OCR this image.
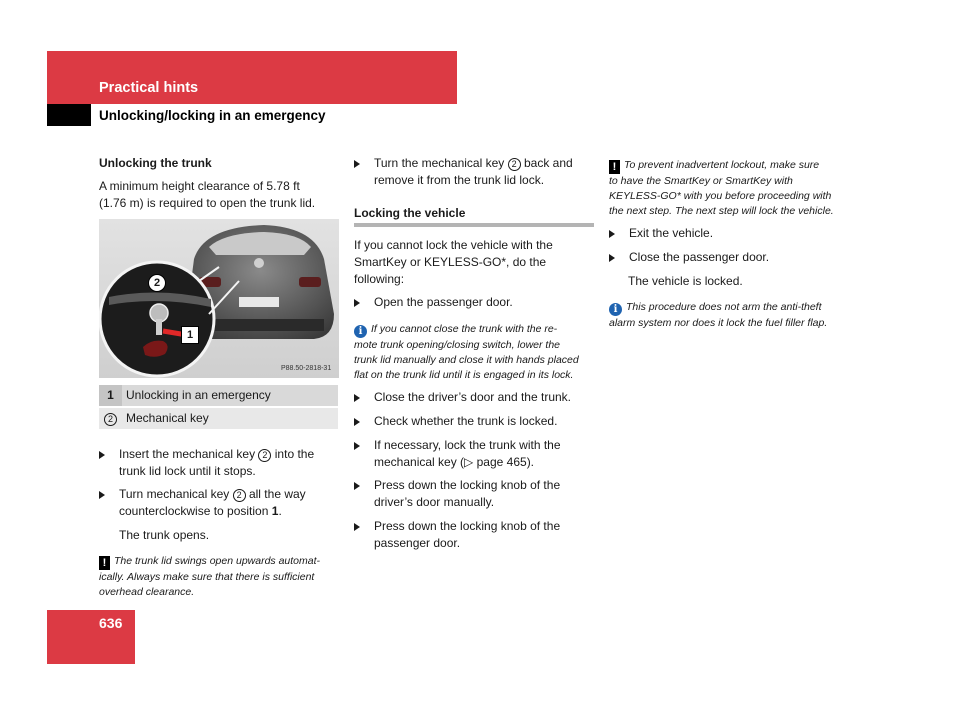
Practical hints
Unlocking/locking in an emergency
Unlocking the trunk
A minimum height clearance of 5.78 ft
(1.76 m) is required to open the trunk lid.
2
1
P88.50-2818-31
1	Unlocking in an emergency
2	Mechanical key
Insert the mechanical key 2 into the
trunk lid lock until it stops.
Turn mechanical key 2 all the way
counterclockwise to position 1.
The trunk opens.
! The trunk lid swings open upwards automat-
ically. Always make sure that there is sufficient
overhead clearance.
Turn the mechanical key 2 back and
remove it from the trunk lid lock.
Locking the vehicle
If you cannot lock the vehicle with the
SmartKey or KEYLESS-GO*, do the
following:
Open the passenger door.
i If you cannot close the trunk with the re-
mote trunk opening/closing switch, lower the
trunk lid manually and close it with hands placed
flat on the trunk lid until it is engaged in its lock.
Close the driver’s door and the trunk.
Check whether the trunk is locked.
If necessary, lock the trunk with the
mechanical key (▷ page 465).
Press down the locking knob of the
driver’s door manually.
Press down the locking knob of the
passenger door.
! To prevent inadvertent lockout, make sure
to have the SmartKey or SmartKey with
KEYLESS-GO* with you before proceeding with
the next step. The next step will lock the vehicle.
Exit the vehicle.
Close the passenger door.
The vehicle is locked.
i This procedure does not arm the anti-theft
alarm system nor does it lock the fuel filler flap.
636
